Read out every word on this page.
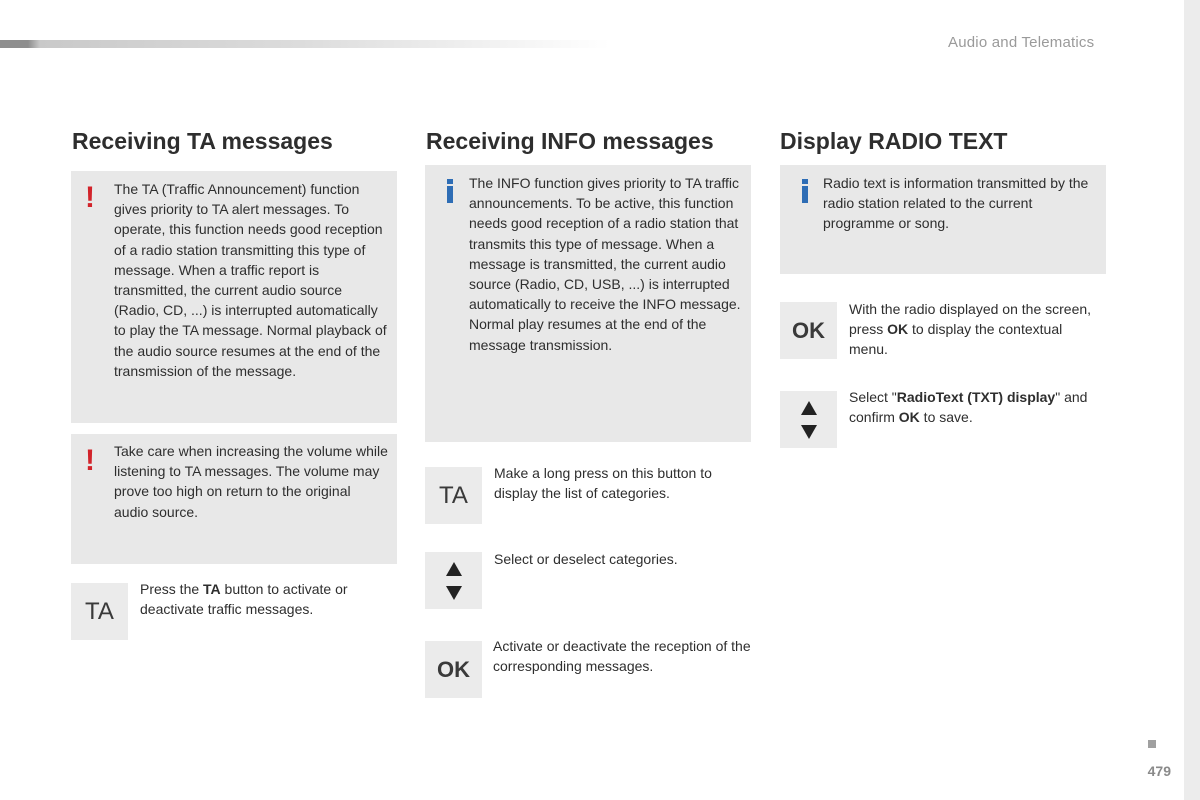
Audio and Telematics
Receiving TA messages
! The TA (Traffic Announcement) function gives priority to TA alert messages. To operate, this function needs good reception of a radio station transmitting this type of message. When a traffic report is transmitted, the current audio source (Radio, CD, ...) is interrupted automatically to play the TA message. Normal playback of the audio source resumes at the end of the transmission of the message.
! Take care when increasing the volume while listening to TA messages. The volume may prove too high on return to the original audio source.
TA
Press the TA button to activate or deactivate traffic messages.
Receiving INFO messages
The INFO function gives priority to TA traffic announcements. To be active, this function needs good reception of a radio station that transmits this type of message. When a message is transmitted, the current audio source (Radio, CD, USB, ...) is interrupted automatically to receive the INFO message. Normal play resumes at the end of the message transmission.
TA
Make a long press on this button to display the list of categories.
Select or deselect categories.
OK
Activate or deactivate the reception of the corresponding messages.
Display RADIO TEXT
Radio text is information transmitted by the radio station related to the current programme or song.
OK
With the radio displayed on the screen, press OK to display the contextual menu.
Select "RadioText (TXT) display" and confirm OK to save.
479
